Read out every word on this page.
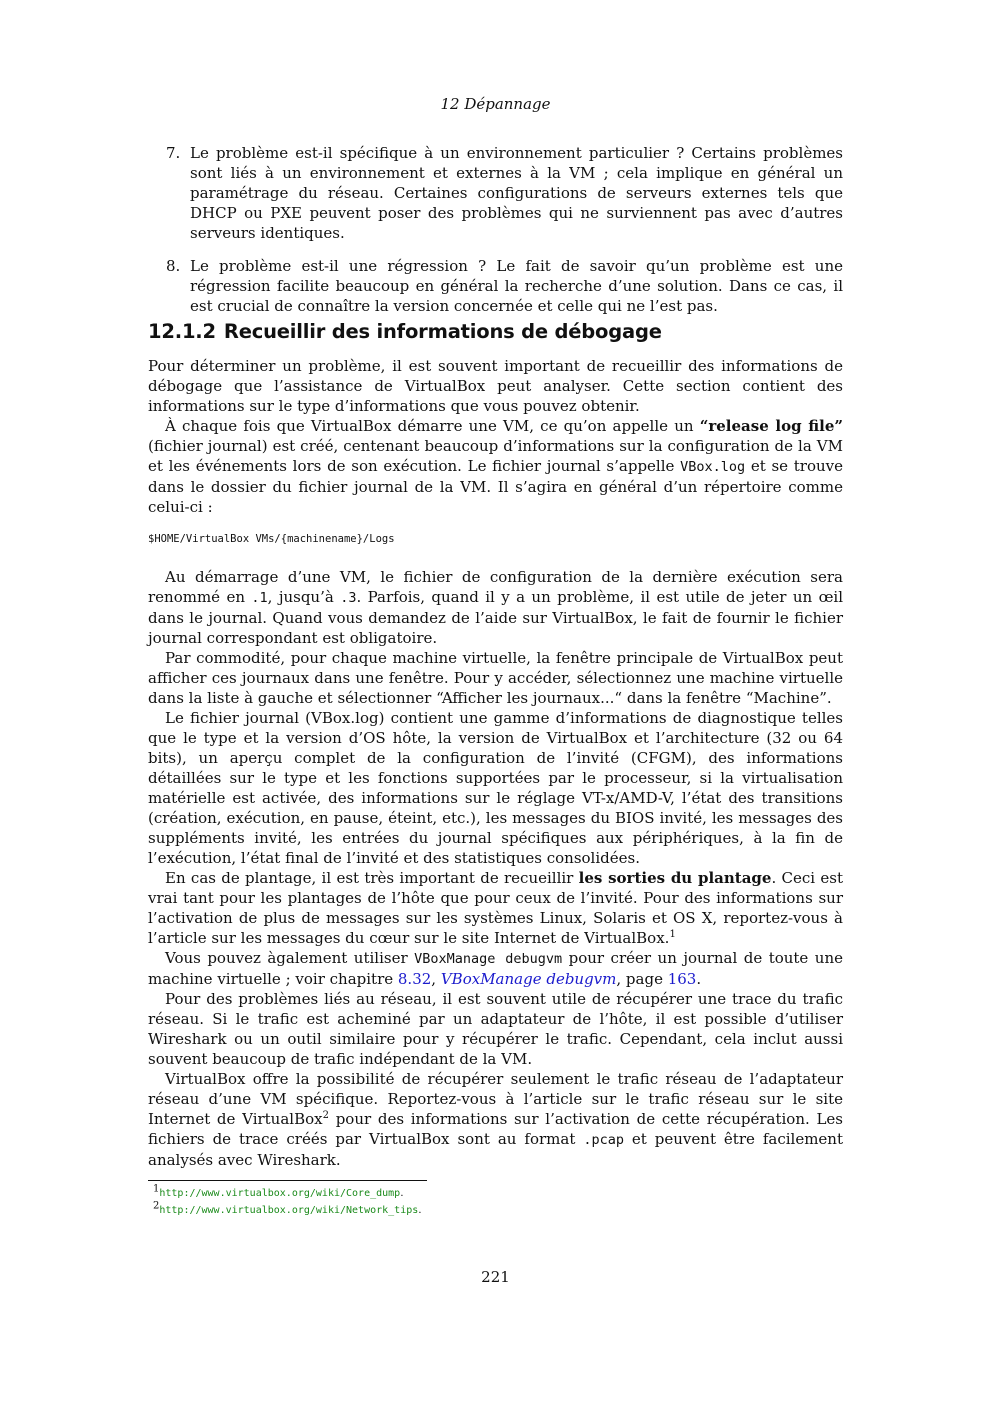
12 Dépannage
7. Le problème est-il spécifique à un environnement particulier ? Certains problèmes sont liés à un environnement et externes à la VM ; cela implique en général un paramétrage du réseau. Certaines configurations de serveurs externes tels que DHCP ou PXE peuvent poser des problèmes qui ne surviennent pas avec d’autres serveurs identiques.
8. Le problème est-il une régression ? Le fait de savoir qu’un problème est une régression facilite beaucoup en général la recherche d’une solution. Dans ce cas, il est crucial de connaître la version concernée et celle qui ne l’est pas.
12.1.2 Recueillir des informations de débogage

Pour déterminer un problème, il est souvent important de recueillir des informations de débogage que l’assistance de VirtualBox peut analyser. Cette section contient des informations sur le type d’informations que vous pouvez obtenir.

À chaque fois que VirtualBox démarre une VM, ce qu’on appelle un “release log file” (fichier journal) est créé, centenant beaucoup d’informations sur la configuration de la VM et les événements lors de son exécution. Le fichier journal s’appelle VBox.log et se trouve dans le dossier du fichier journal de la VM. Il s’agira en général d’un répertoire comme celui-ci :

$HOME/VirtualBox VMs/{machinename}/Logs

Au démarrage d’une VM, le fichier de configuration de la dernière exécution sera renommé en .1, jusqu’à .3. Parfois, quand il y a un problème, il est utile de jeter un œil dans le journal. Quand vous demandez de l’aide sur VirtualBox, le fait de fournir le fichier journal correspondant est obligatoire.

Par commodité, pour chaque machine virtuelle, la fenêtre principale de VirtualBox peut afficher ces journaux dans une fenêtre. Pour y accéder, sélectionnez une machine virtuelle dans la liste à gauche et sélectionner “Afficher les journaux...“ dans la fenêtre “Machine”.

Le fichier journal (VBox.log) contient une gamme d’informations de diagnostique telles que le type et la version d’OS hôte, la version de VirtualBox et l’architecture (32 ou 64 bits), un aperçu complet de la configuration de l’invité (CFGM), des informations détaillées sur le type et les fonctions supportées par le processeur, si la virtualisation matérielle est activée, des informations sur le réglage VT-x/AMD-V, l’état des transitions (création, exécution, en pause, éteint, etc.), les messages du BIOS invité, les messages des suppléments invité, les entrées du journal spécifiques aux périphériques, à la fin de l’exécution, l’état final de l’invité et des statistiques consolidées.

En cas de plantage, il est très important de recueillir les sorties du plantage. Ceci est vrai tant pour les plantages de l’hôte que pour ceux de l’invité. Pour des informations sur l’activation de plus de messages sur les systèmes Linux, Solaris et OS X, reportez-vous à l’article sur les messages du cœur sur le site Internet de VirtualBox.$^1$

Vous pouvez àgalement utiliser VBoxManage debugvm pour créer un journal de toute une machine virtuelle ; voir chapitre 8.32, VBoxManage debugvm, page 163.

Pour des problèmes liés au réseau, il est souvent utile de récupérer une trace du trafic réseau. Si le trafic est acheminé par un adaptateur de l’hôte, il est possible d’utiliser Wireshark ou un outil similaire pour y récupérer le trafic. Cependant, cela inclut aussi souvent beaucoup de trafic indépendant de la VM.

VirtualBox offre la possibilité de récupérer seulement le trafic réseau de l’adaptateur réseau d’une VM spécifique. Reportez-vous à l’article sur le trafic réseau sur le site Internet de VirtualBox$^2$ pour des informations sur l’activation de cette récupération. Les fichiers de trace créés par VirtualBox sont au format .pcap et peuvent être facilement analysés avec Wireshark.

$^1$http://www.virtualbox.org/wiki/Core_dump.
$^2$http://www.virtualbox.org/wiki/Network_tips.
221
